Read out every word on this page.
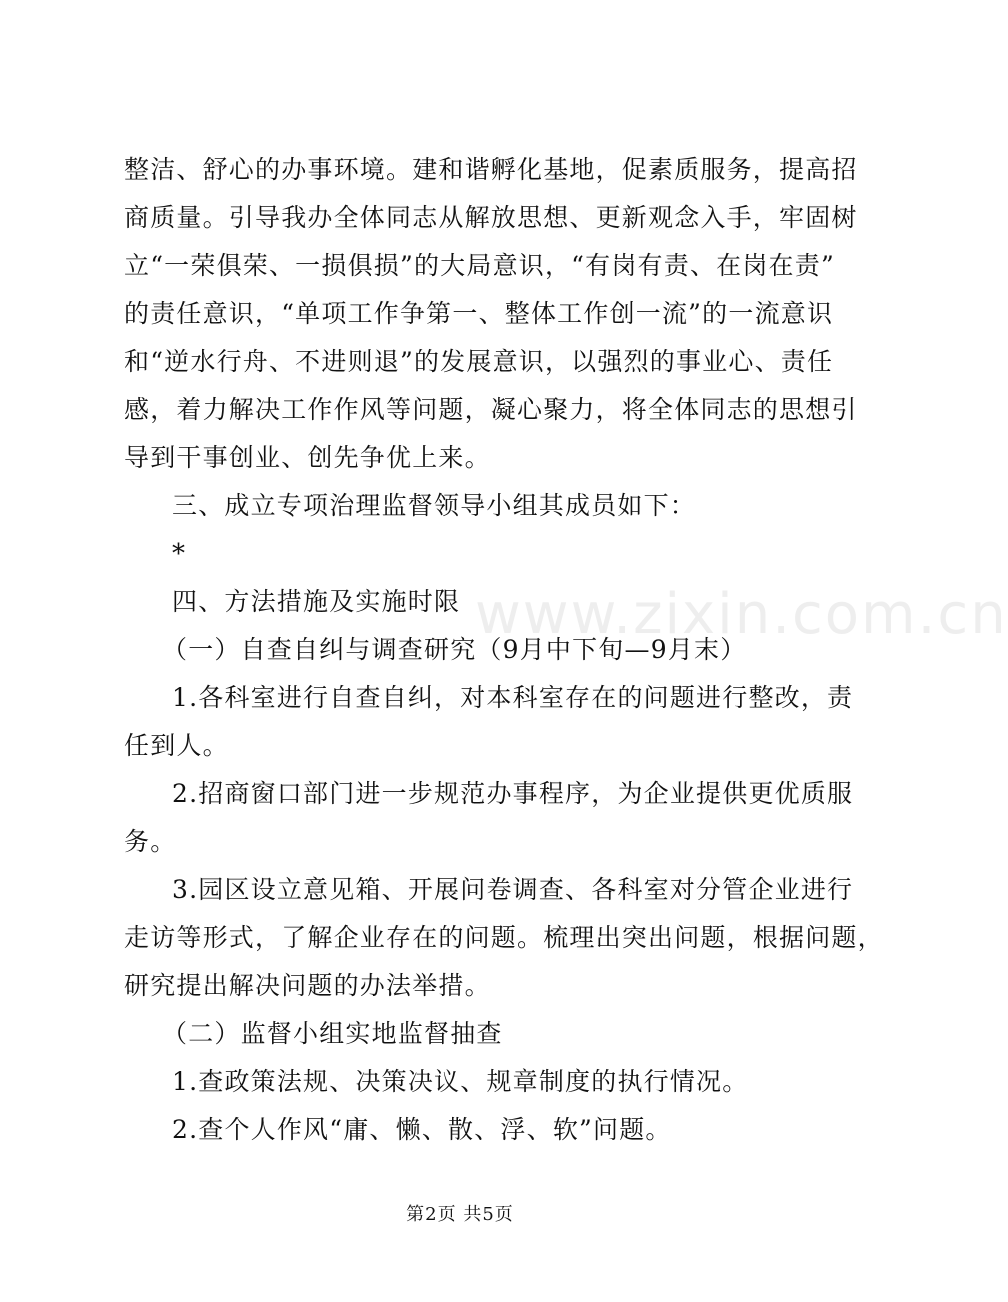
www.zixin.com.cn
整洁、舒心的办事环境。建和谐孵化基地，促素质服务，提高招
商质量。引导我办全体同志从解放思想、更新观念入手，牢固树
立“一荣俱荣、一损俱损”的大局意识，“有岗有责、在岗在责”
的责任意识，“单项工作争第一、整体工作创一流”的一流意识
和“逆水行舟、不进则退”的发展意识，以强烈的事业心、责任
感，着力解决工作作风等问题，凝心聚力，将全体同志的思想引
导到干事创业、创先争优上来。
三、成立专项治理监督领导小组其成员如下：
*
四、方法措施及实施时限
（一）自查自纠与调查研究（9月中下旬—9月末）
1.各科室进行自查自纠，对本科室存在的问题进行整改，责
任到人。
2.招商窗口部门进一步规范办事程序，为企业提供更优质服
务。
3.园区设立意见箱、开展问卷调查、各科室对分管企业进行
走访等形式，了解企业存在的问题。梳理出突出问题，根据问题，
研究提出解决问题的办法举措。
（二）监督小组实地监督抽查
1.查政策法规、决策决议、规章制度的执行情况。
2.查个人作风“庸、懒、散、浮、软”问题。
第2页 共5页
